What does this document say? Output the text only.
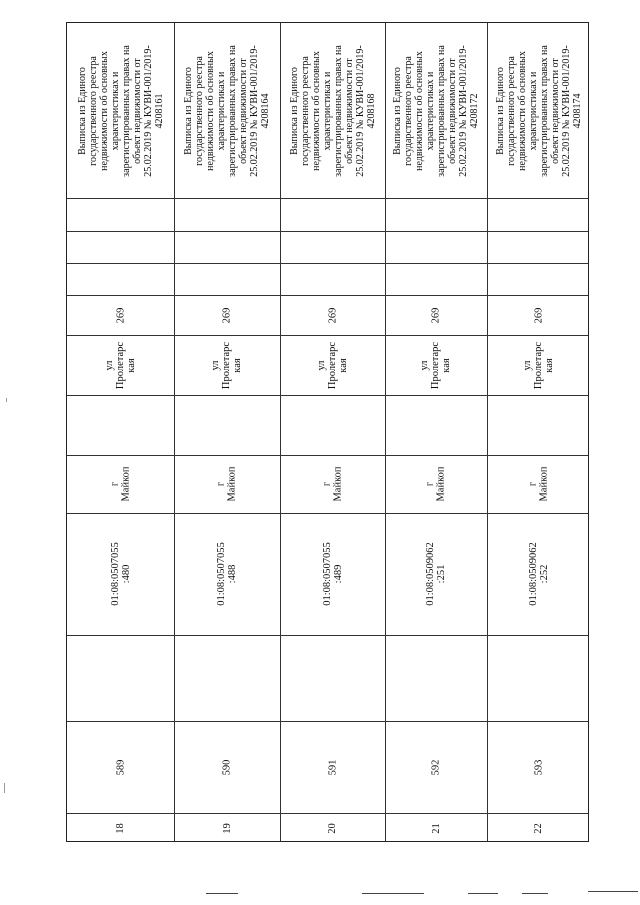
Выписка из Единого государственного реестра недвижимости об основных характеристиках и зарегистрированных правах на объект недвижимости от 25.02.2019 № КУВИ-001/2019- 4208161
269
ул Пролетарс кая
г Майкоп
01:08:0507055 :480
589
18
Выписка из Единого государственного реестра недвижимости об основных характеристиках и зарегистрированных правах на объект недвижимости от 25.02.2019 № КУВИ-001/2019- 4208164
269
ул Пролетарс кая
г Майкоп
01:08:0507055 :488
590
19
Выписка из Единого государственного реестра недвижимости об основных характеристиках и зарегистрированных правах на объект недвижимости от 25.02.2019 № КУВИ-001/2019- 4208168
269
ул Пролетарс кая
г Майкоп
01:08:0507055 :489
591
20
Выписка из Единого государственного реестра недвижимости об основных характеристиках и зарегистрированных правах на объект недвижимости от 25.02.2019 № КУВИ-001/2019- 4208172
269
ул Пролетарс кая
г Майкоп
01:08:0509062 :251
592
21
Выписка из Единого государственного реестра недвижимости об основных характеристиках и зарегистрированных правах на объект недвижимости от 25.02.2019 № КУВИ-001/2019- 4208174
269
ул Пролетарс кая
г Майкоп
01:08:0509062 :252
593
22
